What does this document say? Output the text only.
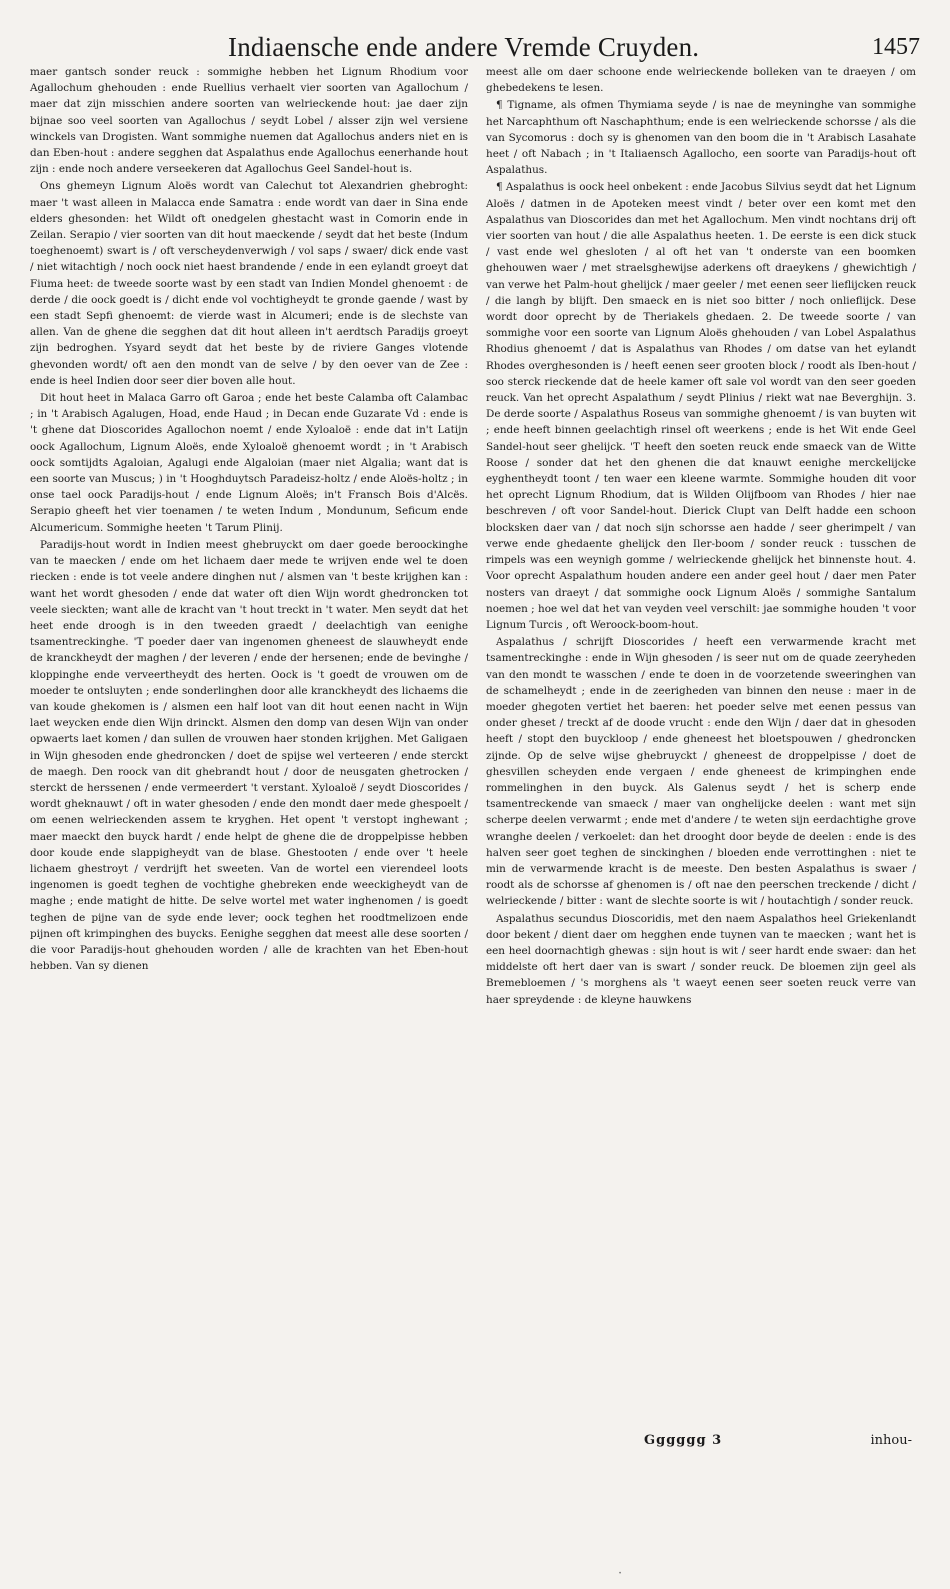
Indiaensche ende andere Vremde Cruyden.	1457

maer gantsch sonder reuck : sommighe hebben het Lignum Rhodium voor Agallochum ghehouden : ende Ruellius verhaelt vier soorten van Agallochum / maer dat zijn misschien andere soorten van welrieckende hout: jae daer zijn bijnae soo veel soorten van Agallochus / seydt Lobel / alsser zijn wel versiene winckels van Drogisten. Want sommighe nuemen dat Agallochus anders niet en is dan Eben-hout : andere segghen dat Aspalathus ende Agallochus eenerhande hout zijn : ende noch andere verseekeren dat Agallochus Geel Sandel-hout is.

Ons ghemeyn Lignum Aloës wordt van Calechut tot Alexandrien ghebroght: maer 't wast alleen in Malacca ende Samatra : ende wordt van daer in Sina ende elders ghesonden: het Wildt oft onedgelen ghestacht wast in Comorin ende in Zeilan. Serapio / vier soorten van dit hout maeckende / seydt dat het beste (Indum toeghenoemt) swart is / oft verscheydenverwigh / vol saps / swaer/ dick ende vast / niet witachtigh / noch oock niet haest brandende / ende in een eylandt groeyt dat Fiuma heet: de tweede soorte wast by een stadt van Indien Mondel ghenoemt : de derde / die oock goedt is / dicht ende vol vochtigheydt te gronde gaende / wast by een stadt Sepfi ghenoemt: de vierde wast in Alcumeri; ende is de slechste van allen. Van de ghene die segghen dat dit hout alleen in't aerdtsch Paradijs groeyt zijn bedroghen. Ysyard seydt dat het beste by de riviere Ganges vlotende ghevonden wordt/ oft aen den mondt van de selve / by den oever van de Zee : ende is heel Indien door seer dier boven alle hout.

Dit hout heet in Malaca Garro oft Garoa ; ende het beste Calamba oft Calambac ; in 't Arabisch Agalugen, Hoad, ende Haud ; in Decan ende Guzarate Vd : ende is 't ghene dat Dioscorides Agallochon noemt / ende Xyloaloë : ende dat in't Latijn oock Agallochum, Lignum Aloës, ende Xyloaloë ghenoemt wordt ; in 't Arabisch oock somtijdts Agaloian, Agalugi ende Algaloian (maer niet Algalia; want dat is een soorte van Muscus; ) in 't Hooghduytsch Paradeisz-holtz / ende Aloës-holtz ; in onse tael oock Paradijs-hout / ende Lignum Aloës; in't Fransch Bois d'Alcës. Serapio gheeft het vier toenamen / te weten Indum , Mondunum, Seficum ende Alcumericum. Sommighe heeten 't Tarum Plinij.

Paradijs-hout wordt in Indien meest ghebruyckt om daer goede beroockinghe van te maecken / ende om het lichaem daer mede te wrijven ende wel te doen riecken : ende is tot veele andere dinghen nut / alsmen van 't beste krijghen kan : want het wordt ghesoden / ende dat water oft dien Wijn wordt ghedroncken tot veele sieckten; want alle de kracht van 't hout treckt in 't water. Men seydt dat het heet ende droogh is in den tweeden graedt / deelachtigh van eenighe tsamentreckinghe. 'T poeder daer van ingenomen gheneest de slauwheydt ende de kranckheydt der maghen / der leveren / ende der hersenen; ende de bevinghe / kloppinghe ende verveertheydt des herten. Oock is 't goedt de vrouwen om de moeder te ontsluyten ; ende sonderlinghen door alle kranckheydt des lichaems die van koude ghekomen is / alsmen een half loot van dit hout eenen nacht in Wijn laet weycken ende dien Wijn drinckt. Alsmen den domp van desen Wijn van onder opwaerts laet komen / dan sullen de vrouwen haer stonden krijghen. Met Galigaen in Wijn ghesoden ende ghedroncken / doet de spijse wel verteeren / ende sterckt de maegh. Den roock van dit ghebrandt hout / door de neusgaten ghetrocken / sterckt de herssenen / ende vermeerdert 't verstant. Xyloaloë / seydt Dioscorides / wordt gheknauwt / oft in water ghesoden / ende den mondt daer mede ghespoelt / om eenen welrieckenden assem te kryghen. Het opent 't verstopt inghewant ; maer maeckt den buyck hardt / ende helpt de ghene die de droppelpisse hebben door koude ende slappigheydt van de blase. Ghestooten / ende over 't heele lichaem ghestroyt / verdrijft het sweeten. Van de wortel een vierendeel loots ingenomen is goedt teghen de vochtighe ghebreken ende weeckigheydt van de maghe ; ende matight de hitte. De selve wortel met water inghenomen / is goedt teghen de pijne van de syde ende lever; oock teghen het roodtmelizoen ende pijnen oft krimpinghen des buycks. Eenighe segghen dat meest alle dese soorten / die voor Paradijs-hout ghehouden worden / alle de krachten van het Eben-hout hebben. Van sy dienen

meest alle om daer schoone ende welrieckende bolleken van te draeyen / om ghebedekens te lesen.

¶ Tigname, als ofmen Thymiama seyde / is nae de meyninghe van sommighe het Narcaphthum oft Naschaphthum; ende is een welrieckende schorsse / als die van Sycomorus : doch sy is ghenomen van den boom die in 't Arabisch Lasahate heet / oft Nabach ; in 't Italiaensch Agallocho, een soorte van Paradijs-hout oft Aspalathus.

¶ Aspalathus is oock heel onbekent : ende Jacobus Silvius seydt dat het Lignum Aloës / datmen in de Apoteken meest vindt / beter over een komt met den Aspalathus van Dioscorides dan met het Agallochum. Men vindt nochtans drij oft vier soorten van hout / die alle Aspalathus heeten. 1. De eerste is een dick stuck / vast ende wel ghesloten / al oft het van 't onderste van een boomken ghehouwen waer / met straelsghewijse aderkens oft draeykens / ghewichtigh / van verwe het Palm-hout ghelijck / maer geeler / met eenen seer lieflijcken reuck / die langh by blijft. Den smaeck en is niet soo bitter / noch onlieflijck. Dese wordt door oprecht by de Theriakels ghedaen. 2. De tweede soorte / van sommighe voor een soorte van Lignum Aloës ghehouden / van Lobel Aspalathus Rhodius ghenoemt / dat is Aspalathus van Rhodes / om datse van het eylandt Rhodes overghesonden is / heeft eenen seer grooten block / roodt als Iben-hout / soo sterck rieckende dat de heele kamer oft sale vol wordt van den seer goeden reuck. Van het oprecht Aspalathum / seydt Plinius / riekt wat nae Beverghijn. 3. De derde soorte / Aspalathus Roseus van sommighe ghenoemt / is van buyten wit ; ende heeft binnen geelachtigh rinsel oft weerkens ; ende is het Wit ende Geel Sandel-hout seer ghelijck. 'T heeft den soeten reuck ende smaeck van de Witte Roose / sonder dat het den ghenen die dat knauwt eenighe merckelijcke eyghentheydt toont / ten waer een kleene warmte. Sommighe houden dit voor het oprecht Lignum Rhodium, dat is Wilden Olijfboom van Rhodes / hier nae beschreven / oft voor Sandel-hout. Dierick Clupt van Delft hadde een schoon blocksken daer van / dat noch sijn schorsse aen hadde / seer gherimpelt / van verwe ende ghedaente ghelijck den Iler-boom / sonder reuck : tusschen de rimpels was een weynigh gomme / welrieckende ghelijck het binnenste hout. 4. Voor oprecht Aspalathum houden andere een ander geel hout / daer men Pater nosters van draeyt / dat sommighe oock Lignum Aloës / sommighe Santalum noemen ; hoe wel dat het van veyden veel verschilt: jae sommighe houden 't voor Lignum Turcis , oft Weroock-boom-hout.

Aspalathus / schrijft Dioscorides / heeft een verwarmende kracht met tsamentreckinghe : ende in Wijn ghesoden / is seer nut om de quade zeeryheden van den mondt te wasschen / ende te doen in de voorzetende sweeringhen van de schamelheydt ; ende in de zeerigheden van binnen den neuse : maer in de moeder ghegoten vertiet het baeren: het poeder selve met eenen pessus van onder gheset / treckt af de doode vrucht : ende den Wijn / daer dat in ghesoden heeft / stopt den buyckloop / ende gheneest het bloetspouwen / ghedroncken zijnde. Op de selve wijse ghebruyckt / gheneest de droppelpisse / doet de ghesvillen scheyden ende vergaen / ende gheneest de krimpinghen ende rommelinghen in den buyck. Als Galenus seydt / het is scherp ende tsamentreckende van smaeck / maer van onghelijcke deelen : want met sijn scherpe deelen verwarmt ; ende met d'andere / te weten sijn eerdachtighe grove wranghe deelen / verkoelet: dan het drooght door beyde de deelen : ende is des halven seer goet teghen de sinckinghen / bloeden ende verrottinghen : niet te min de verwarmende kracht is de meeste. Den besten Aspalathus is swaer / roodt als de schorsse af ghenomen is / oft nae den peerschen treckende / dicht / welrieckende / bitter : want de slechte soorte is wit / houtachtigh / sonder reuck.

Aspalathus secundus Dioscoridis, met den naem Aspalathos heel Griekenlandt door bekent / dient daer om hegghen ende tuynen van te maecken ; want het is een heel doornachtigh ghewas : sijn hout is wit / seer hardt ende swaer: dan het middelste oft hert daer van is swart / sonder reuck. De bloemen zijn geel als Bremebloemen / 's morghens als 't waeyt eenen seer soeten reuck verre van haer spreydende : de kleyne hauwkens

Gggggg 3	inhou-
·
